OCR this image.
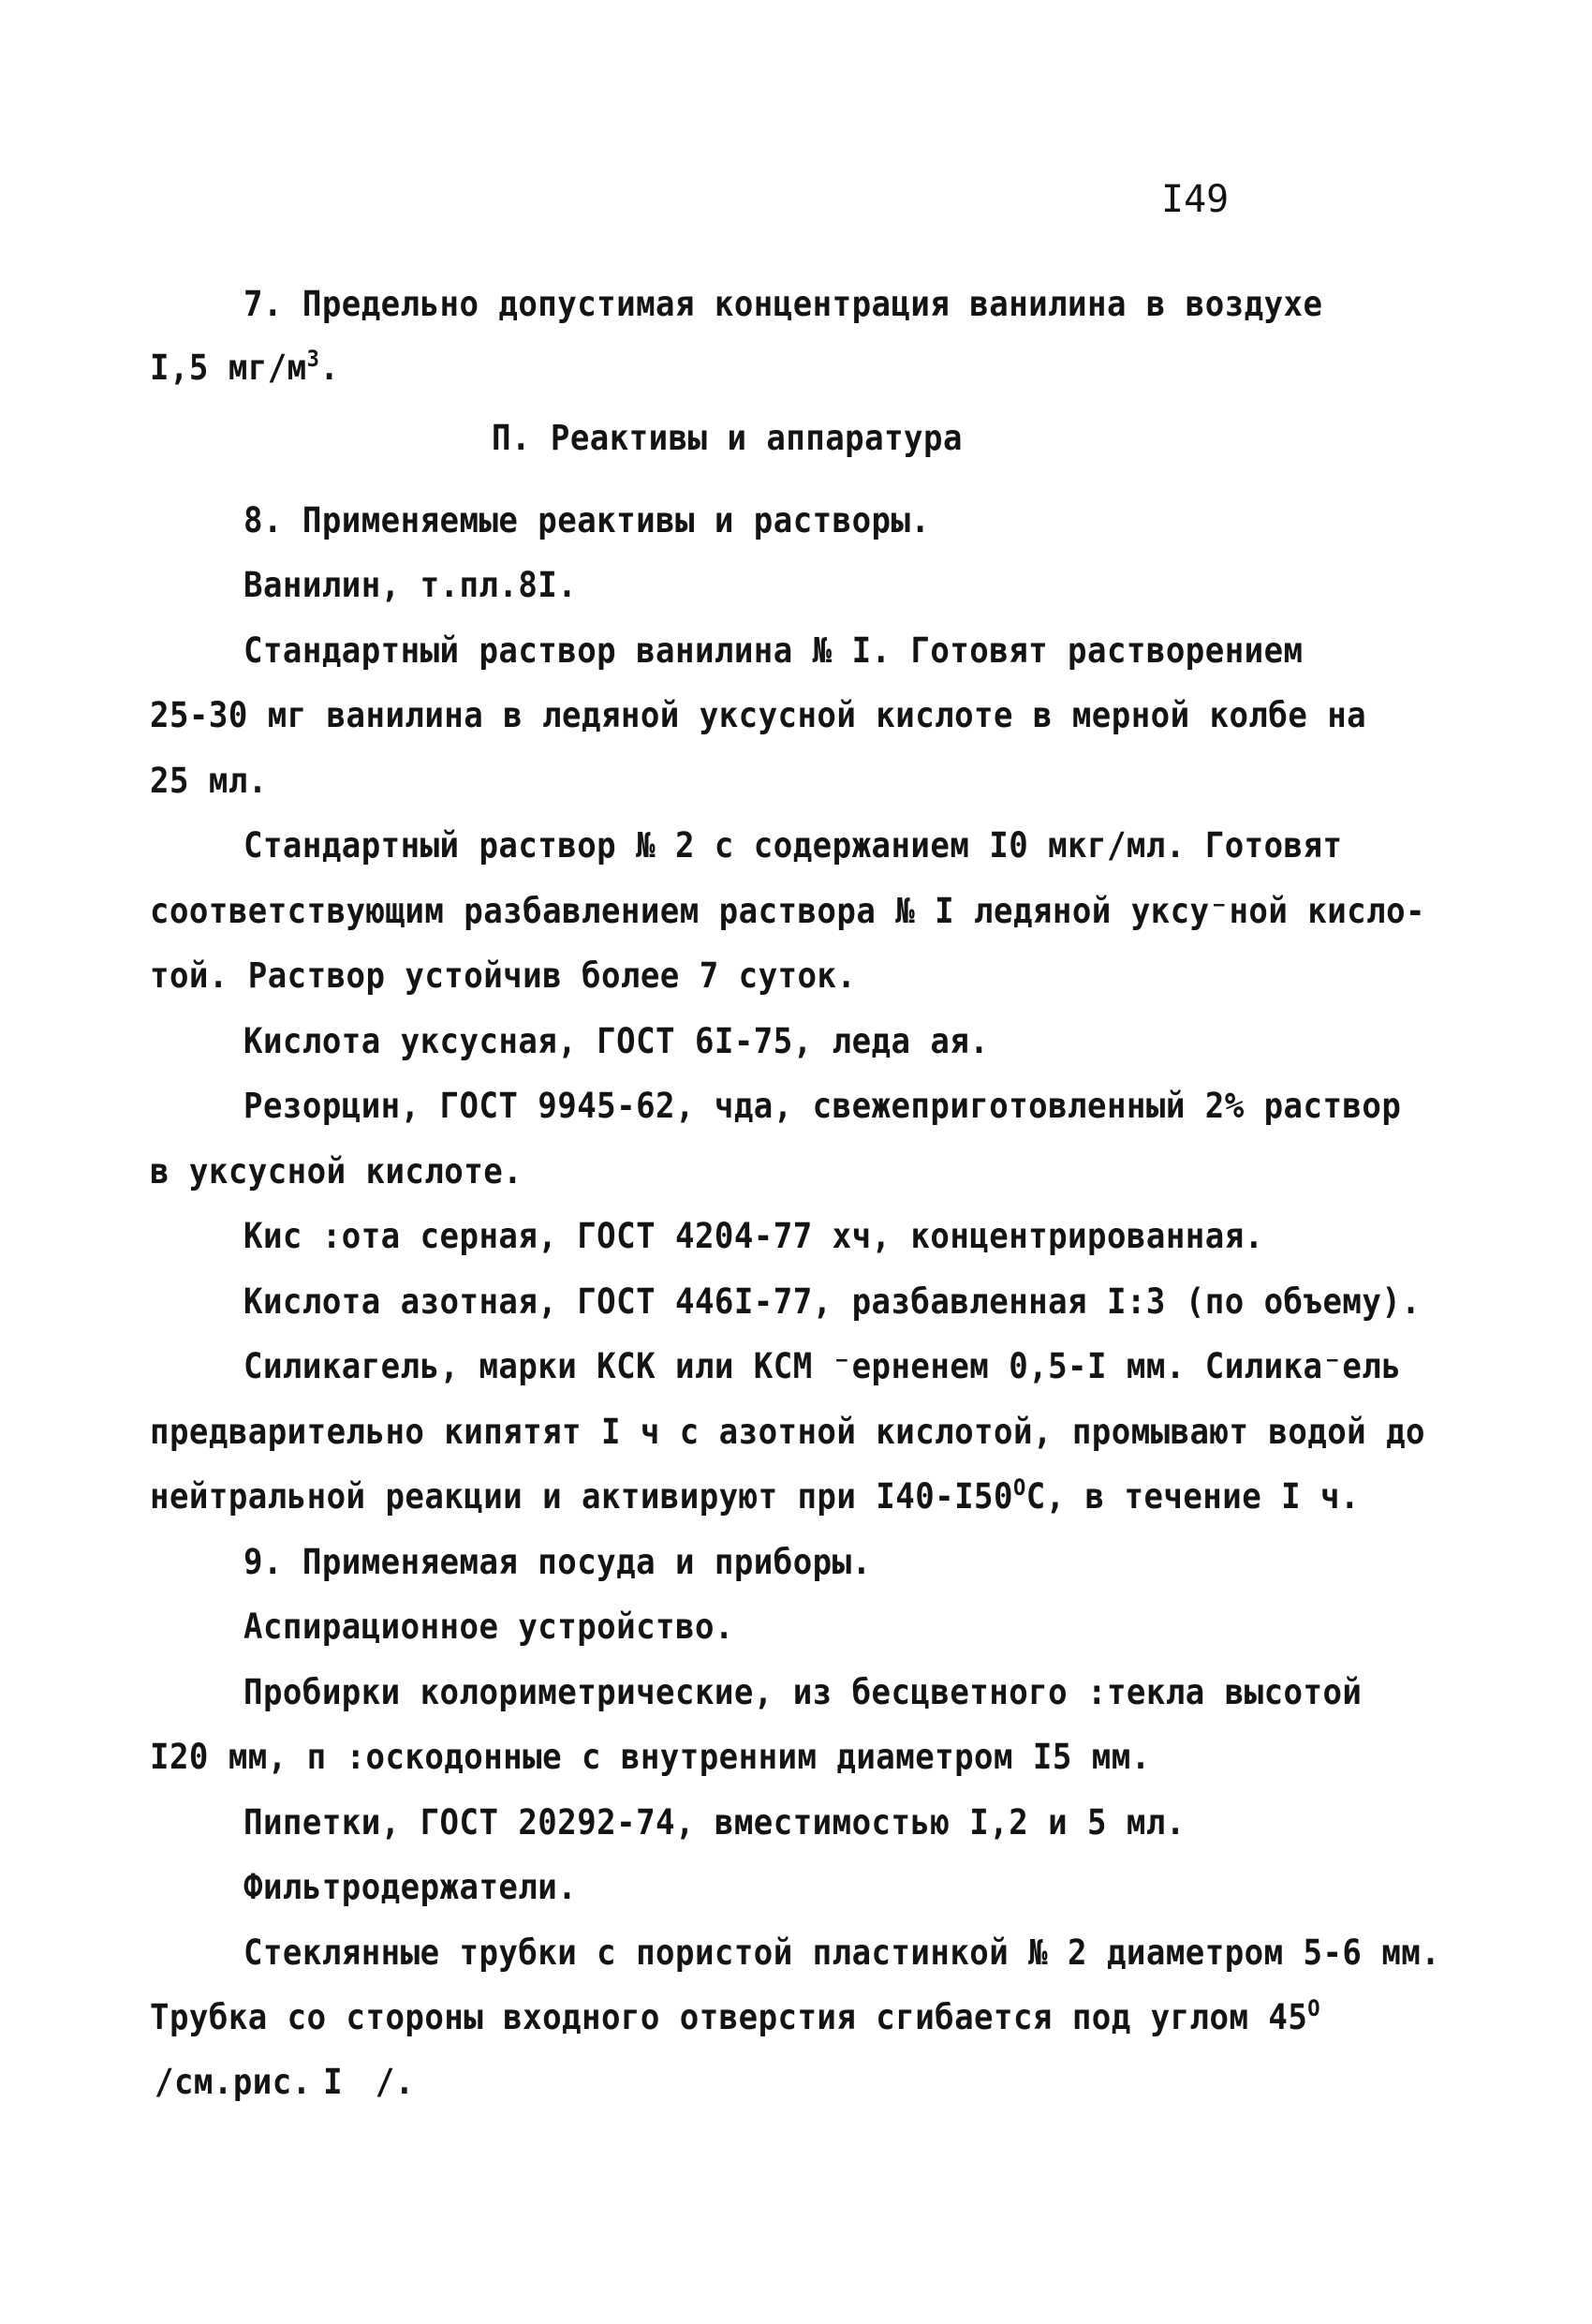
I49
7. Предельно допустимая концентрация ванилина в воздухе
I,5 $мг/м^3$.
П. Реактивы и аппаратура
8. Применяемые реактивы и растворы.
Ванилин, т.пл.8I.
Стандартный раствор ванилина № I. Готовят растворением
25-30 мг ванилина в ледяной уксусной кислоте в мерной колбе на
25 мл.
Стандартный раствор № 2 с содержанием I0 мкг/мл. Готовят
соответствующим разбавлением раствора № I ледяной уксу⁻ной кисло-
той. Раствор устойчив более 7 суток.
Кислота уксусная, ГОСТ 6I-75, леда ая.
Резорцин, ГОСТ 9945-62, чда, свежеприготовленный 2% раствор
в уксусной кислоте.
Кис :ота серная, ГОСТ 4204-77 хч, концентрированная.
Кислота азотная, ГОСТ 446I-77, разбавленная I:3 (по объему).
Силикагель, марки КСК или КСМ ⁻ерненем 0,5-I мм. Силика⁻ель
предварительно кипятят I ч с азотной кислотой, промывают водой до
нейтральной реакции и активируют при $I40-I50^OС$, в течение I ч.
9. Применяемая посуда и приборы.
Аспирационное устройство.
Пробирки колориметрические, из бесцветного :текла высотой
I20 мм, п :оскодонные с внутренним диаметром I5 мм.
Пипетки, ГОСТ 20292-74, вместимостью I,2 и 5 мл.
Фильтродержатели.
Стеклянные трубки с пористой пластинкой № 2 диаметром 5-6 мм.
Трубка со стороны входного отверстия сгибается под углом $45^O$
/см.рис. I /.
